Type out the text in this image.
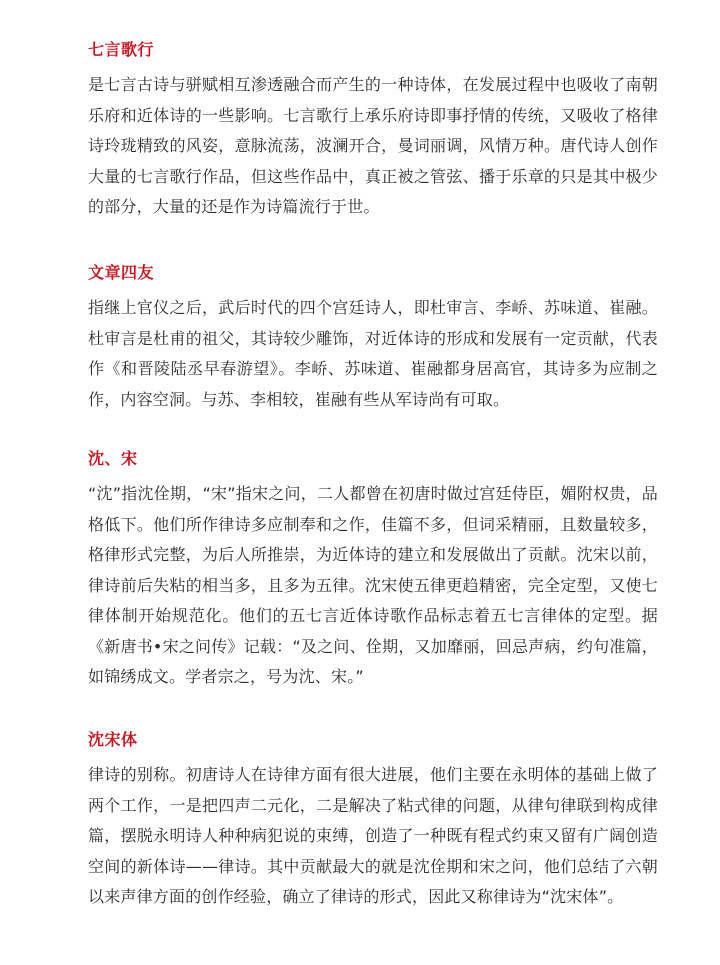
七言歌行

是七言古诗与骈赋相互渗透融合而产生的一种诗体，在发展过程中也吸收了南朝乐府和近体诗的一些影响。七言歌行上承乐府诗即事抒情的传统，又吸收了格律诗玲珑精致的风姿，意脉流荡，波澜开合，曼词丽调，风情万种。唐代诗人创作大量的七言歌行作品，但这些作品中，真正被之管弦、播于乐章的只是其中极少的部分，大量的还是作为诗篇流行于世。

文章四友

指继上官仪之后，武后时代的四个宫廷诗人，即杜审言、李峤、苏味道、崔融。杜审言是杜甫的祖父，其诗较少雕饰，对近体诗的形成和发展有一定贡献，代表作《和晋陵陆丞早春游望》。李峤、苏味道、崔融都身居高官，其诗多为应制之作，内容空洞。与苏、李相较，崔融有些从军诗尚有可取。

沈、宋

“沈”指沈佺期，“宋”指宋之问，二人都曾在初唐时做过宫廷侍臣，媚附权贵，品格低下。他们所作律诗多应制奉和之作，佳篇不多，但词采精丽，且数量较多，格律形式完整，为后人所推崇，为近体诗的建立和发展做出了贡献。沈宋以前，律诗前后失粘的相当多，且多为五律。沈宋使五律更趋精密，完全定型，又使七律体制开始规范化。他们的五七言近体诗歌作品标志着五七言律体的定型。据《新唐书•宋之问传》记载：“及之问、佺期，又加靡丽，回忌声病，约句准篇，如锦绣成文。学者宗之，号为沈、宋。”

沈宋体

律诗的别称。初唐诗人在诗律方面有很大进展，他们主要在永明体的基础上做了两个工作，一是把四声二元化，二是解决了粘式律的问题，从律句律联到构成律篇，摆脱永明诗人种种病犯说的束缚，创造了一种既有程式约束又留有广阔创造空间的新体诗——律诗。其中贡献最大的就是沈佺期和宋之问，他们总结了六朝以来声律方面的创作经验，确立了律诗的形式，因此又称律诗为“沈宋体”。
